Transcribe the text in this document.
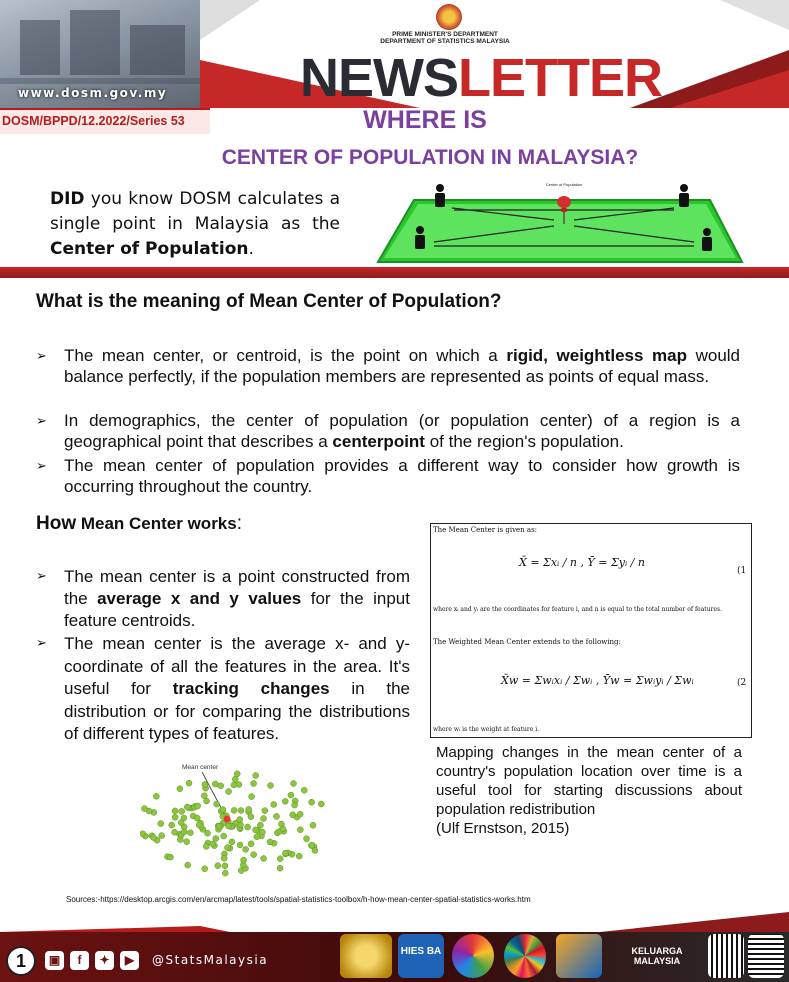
www.dosm.gov.my
PRIME MINISTER'S DEPARTMENT
DEPARTMENT OF STATISTICS MALAYSIA
NEWSLETTER
DOSM/BPPD/12.2022/Series 53	WHERE IS
CENTER OF POPULATION IN MALAYSIA?
DID you know DOSM calculates a single point in Malaysia as the Center of Population.
Center of Population
What is the meaning of Mean Center of Population?
➢ The mean center, or centroid, is the point on which a rigid, weightless map would balance perfectly, if the population members are represented as points of equal mass.
➢ In demographics, the center of population (or population center) of a region is a geographical point that describes a centerpoint of the region's population.
➢ The mean center of population provides a different way to consider how growth is occurring throughout the country.
How Mean Center works:
➢ The mean center is a point constructed from the average x and y values for the input feature centroids.
➢ The mean center is the average x- and y-coordinate of all the features in the area. It's useful for tracking changes in the distribution or for comparing the distributions of different types of features.
The Mean Center is given as:
X̄ = Σxᵢ / n , Ȳ = Σyᵢ / n
(1
where xᵢ and yᵢ are the coordinates for feature i, and n is equal to the total number of features.
The Weighted Mean Center extends to the following:
X̄w = Σwᵢxᵢ / Σwᵢ , Ȳw = Σwᵢyᵢ / Σwᵢ	(2
where wᵢ is the weight at feature i.
Mapping changes in the mean center of a country's population location over time is a useful tool for starting discussions about population redistribution
(Ulf Ernstson, 2015)
Mean center
Sources:-https://desktop.arcgis.com/en/arcmap/latest/tools/spatial-statistics-toolbox/h-how-mean-center-spatial-statistics-works.htm
1	▣	f	✦	▶	@StatsMalaysia
HIES BA	KELUARGA MALAYSIA
